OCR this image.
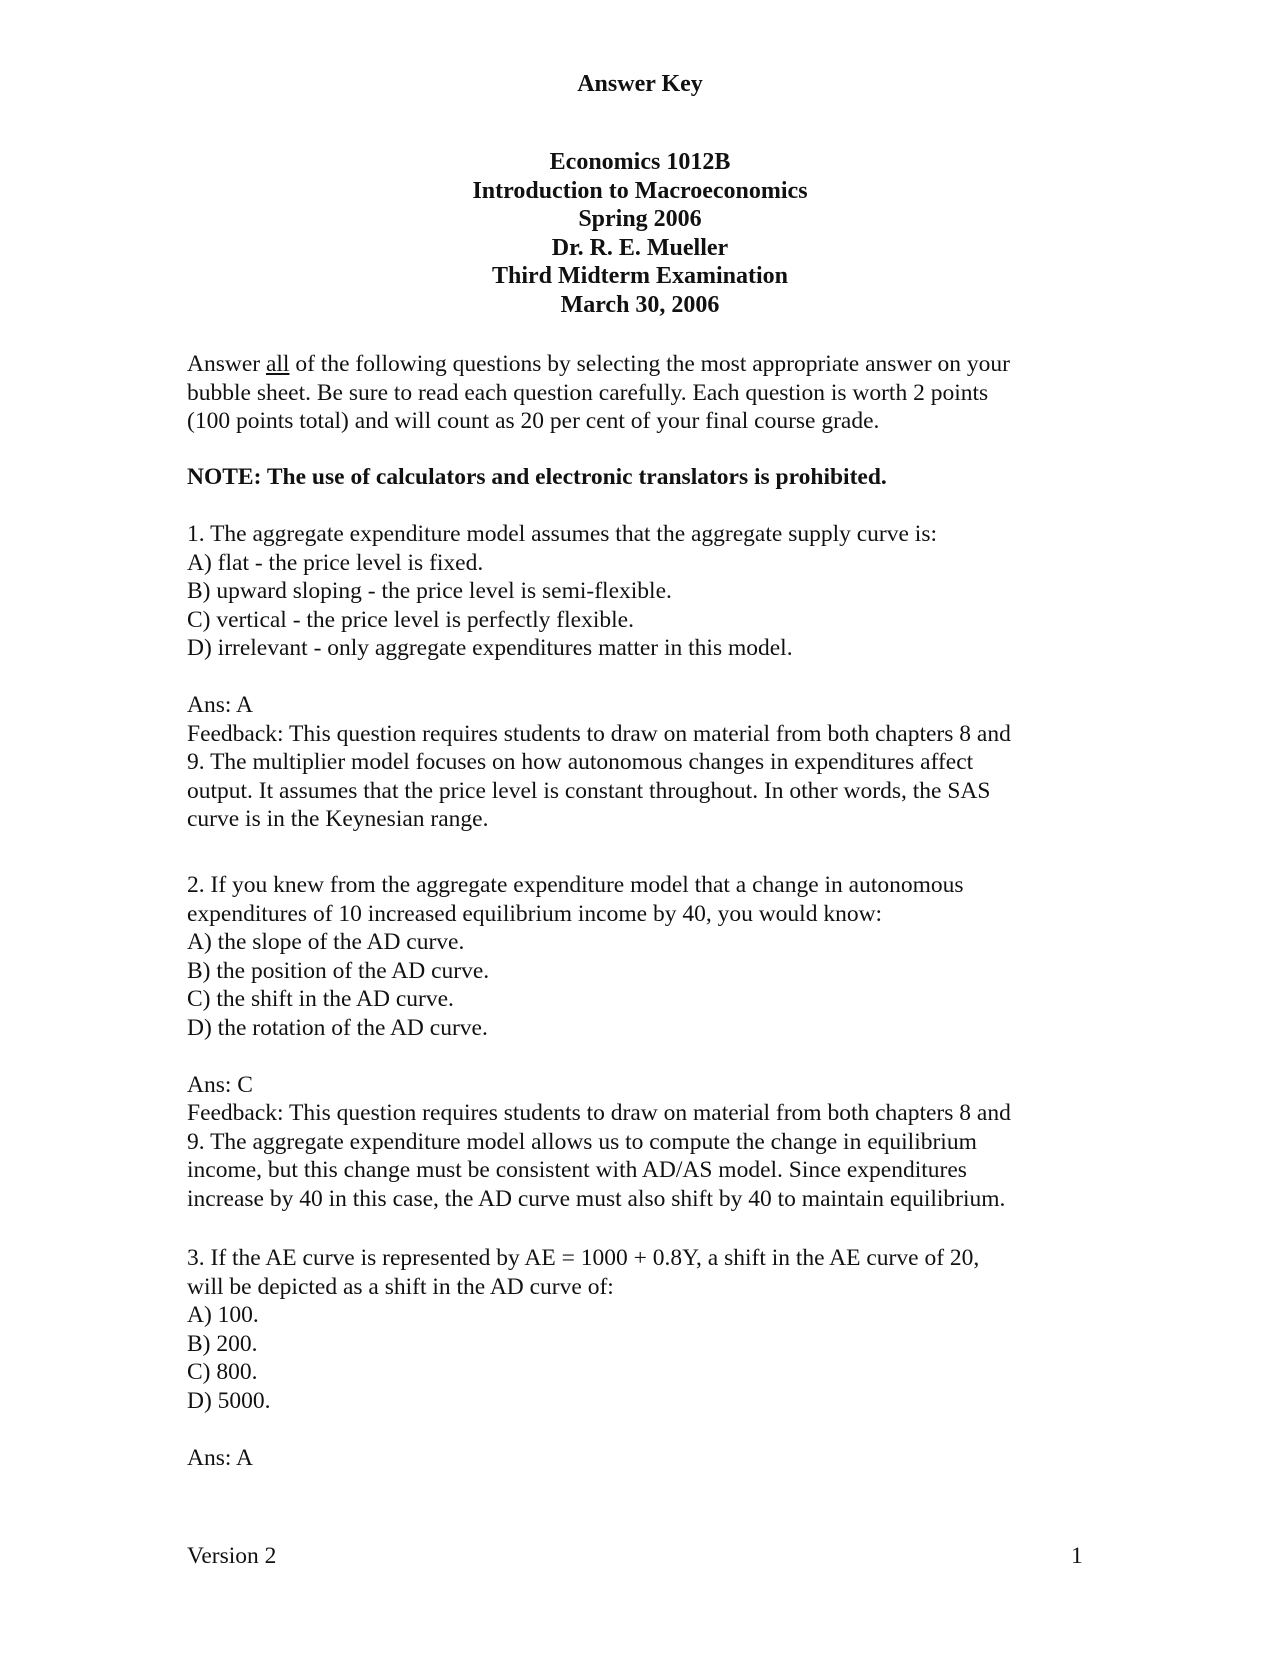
Answer Key
Economics 1012B
Introduction to Macroeconomics
Spring 2006
Dr. R. E. Mueller
Third Midterm Examination
March 30, 2006
Answer all of the following questions by selecting the most appropriate answer on your
bubble sheet. Be sure to read each question carefully. Each question is worth 2 points
(100 points total) and will count as 20 per cent of your final course grade.
NOTE: The use of calculators and electronic translators is prohibited.
1. The aggregate expenditure model assumes that the aggregate supply curve is:
A) flat - the price level is fixed.
B) upward sloping - the price level is semi-flexible.
C) vertical - the price level is perfectly flexible.
D) irrelevant - only aggregate expenditures matter in this model.
Ans: A
Feedback: This question requires students to draw on material from both chapters 8 and
9. The multiplier model focuses on how autonomous changes in expenditures affect
output. It assumes that the price level is constant throughout. In other words, the SAS
curve is in the Keynesian range.
2. If you knew from the aggregate expenditure model that a change in autonomous
expenditures of 10 increased equilibrium income by 40, you would know:
A) the slope of the AD curve.
B) the position of the AD curve.
C) the shift in the AD curve.
D) the rotation of the AD curve.
Ans: C
Feedback: This question requires students to draw on material from both chapters 8 and
9. The aggregate expenditure model allows us to compute the change in equilibrium
income, but this change must be consistent with AD/AS model. Since expenditures
increase by 40 in this case, the AD curve must also shift by 40 to maintain equilibrium.
3. If the AE curve is represented by AE = 1000 + 0.8Y, a shift in the AE curve of 20,
will be depicted as a shift in the AD curve of:
A) 100.
B) 200.
C) 800.
D) 5000.
Ans: A
Version 2	1
